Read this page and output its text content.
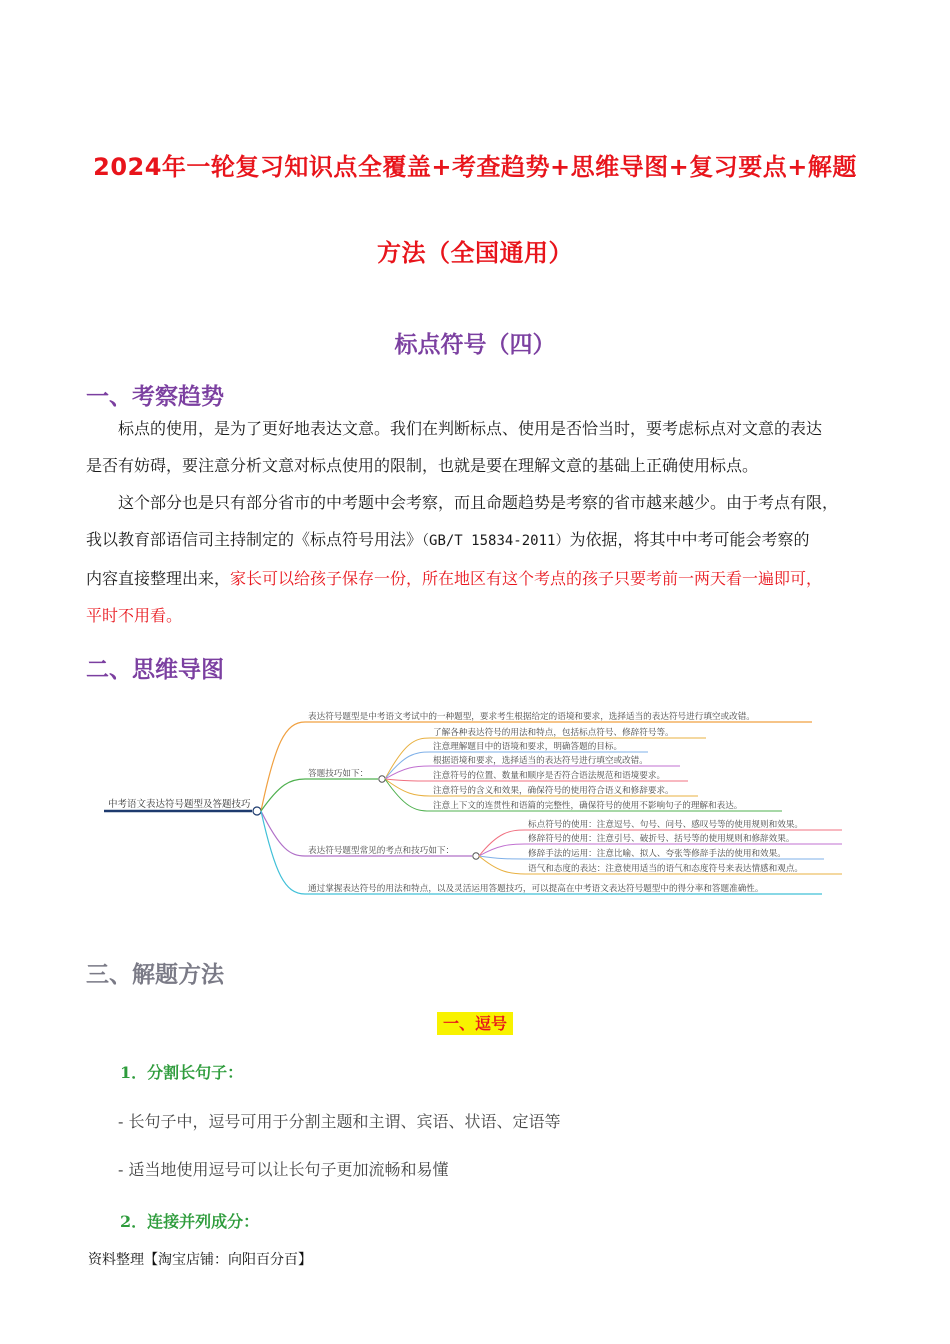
2024年一轮复习知识点全覆盖+考查趋势+思维导图+复习要点+解题
方法（全国通用）
标点符号（四）
一、考察趋势
标点的使用，是为了更好地表达文意。我们在判断标点、使用是否恰当时，要考虑标点对文意的表达
是否有妨碍，要注意分析文意对标点使用的限制，也就是要在理解文意的基础上正确使用标点。
这个部分也是只有部分省市的中考题中会考察，而且命题趋势是考察的省市越来越少。由于考点有限，
我以教育部语信司主持制定的《标点符号用法》（GB/T 15834-2011）为依据，将其中中考可能会考察的
内容直接整理出来，家长可以给孩子保存一份，所在地区有这个考点的孩子只要考前一两天看一遍即可，
平时不用看。
二、思维导图
中考语文表达符号题型及答题技巧
表达符号题型是中考语文考试中的一种题型，要求考生根据给定的语境和要求，选择适当的表达符号进行填空或改错。
答题技巧如下：
了解各种表达符号的用法和特点，包括标点符号、修辞符号等。
注意理解题目中的语境和要求，明确答题的目标。
根据语境和要求，选择适当的表达符号进行填空或改错。
注意符号的位置、数量和顺序是否符合语法规范和语境要求。
注意符号的含义和效果，确保符号的使用符合语义和修辞要求。
注意上下文的连贯性和语篇的完整性，确保符号的使用不影响句子的理解和表达。
表达符号题型常见的考点和技巧如下：
标点符号的使用：注意逗号、句号、问号、感叹号等的使用规则和效果。
修辞符号的使用：注意引号、破折号、括号等的使用规则和修辞效果。
修辞手法的运用：注意比喻、拟人、夸张等修辞手法的使用和效果。
语气和态度的表达：注意使用适当的语气和态度符号来表达情感和观点。
通过掌握表达符号的用法和特点，以及灵活运用答题技巧，可以提高在中考语文表达符号题型中的得分率和答题准确性。
三、解题方法
一、逗号
1．分割长句子：
- 长句子中，逗号可用于分割主题和主谓、宾语、状语、定语等
- 适当地使用逗号可以让长句子更加流畅和易懂
2．连接并列成分：
资料整理【淘宝店铺：向阳百分百】
